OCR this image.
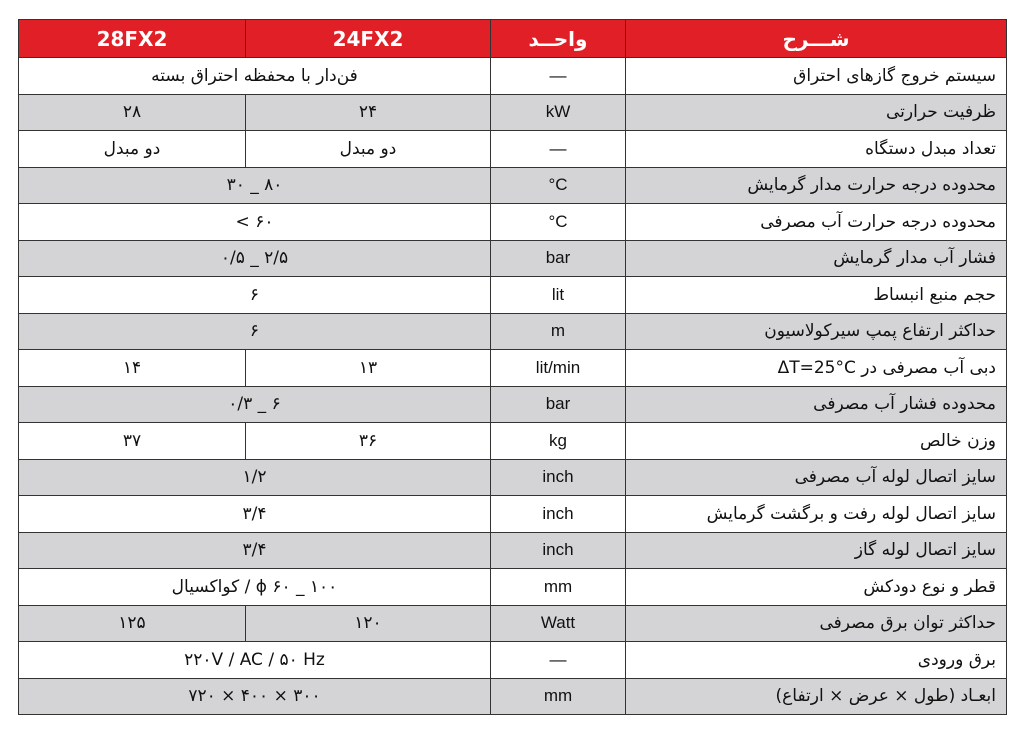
28FX2	24FX2	واحــد	شـــرح
فن‌دار با محفظه احتراق بسته		—	سیستم خروج گازهای احتراق
۲۸	۲۴	kW	ظرفیت حرارتی
دو مبدل	دو مبدل	—	تعداد مبدل دستگاه
۸۰ _ ۳۰		°C	محدوده درجه حرارت مدار گرمایش
۶۰ >		°C	محدوده درجه حرارت آب مصرفی
۲/۵ _ ۰/۵		bar	فشار آب مدار گرمایش
۶		lit	حجم منبع انبساط
۶		m	حداکثر ارتفاع پمپ سیرکولاسیون
۱۴	۱۳	lit/min	دبی آب مصرفی در ΔT=25°C
۶ _ ۰/۳		bar	محدوده فشار آب مصرفی
۳۷	۳۶	kg	وزن خالص
۱/۲		inch	سایز اتصال لوله آب مصرفی
۳/۴		inch	سایز اتصال لوله رفت و برگشت گرمایش
۳/۴		inch	سایز اتصال لوله گاز
ϕ ۶۰ _ ۱۰۰ / کواکسیال		mm	قطر و نوع دودکش
۱۲۵	۱۲۰	Watt	حداکثر توان برق مصرفی
۲۲۰V / AC / ۵۰ Hz		—	برق ورودی
۳۰۰ × ۴۰۰ × ۷۲۰		mm	ابعـاد (طول × عرض × ارتفاع)
